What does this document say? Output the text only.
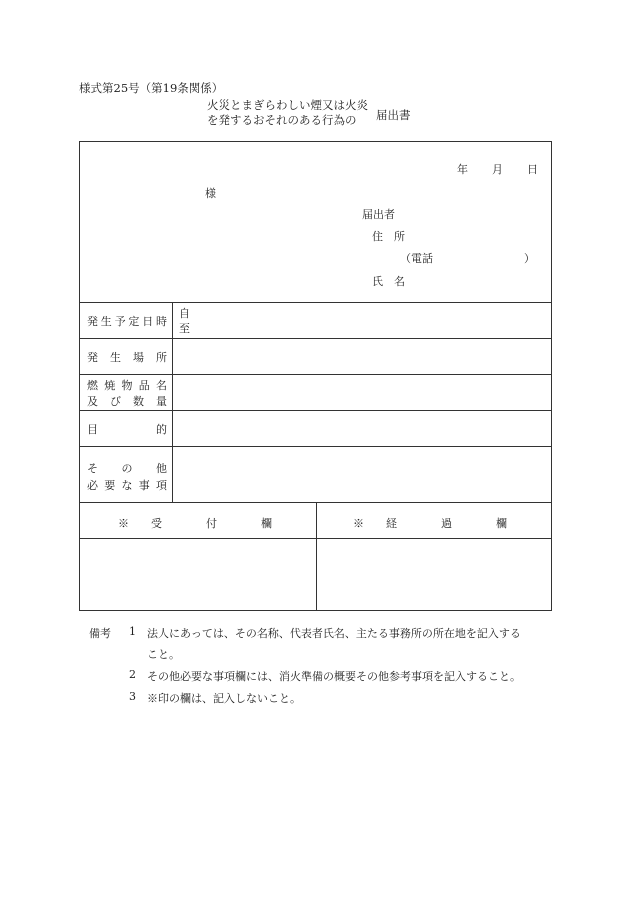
様式第25号（第19条関係）
火災とまぎらわしい煙又は火炎
を発するおそれのある行為の 届出書
年 月 日
様
届出者
住　所
（電話	）
氏　名
発生予定日時
自
至
発　生　場　所
燃焼物品名
及び数量
目　　　　的
そ　の　他
必要な事項
※　　受　　　　付　　　　欄	※　　経　　　　過　　　　欄
備考 1 法人にあっては、その名称、代表者氏名、主たる事務所の所在地を記入する
こと。
2 その他必要な事項欄には、消火準備の概要その他参考事項を記入すること。
3 ※印の欄は、記入しないこと。
